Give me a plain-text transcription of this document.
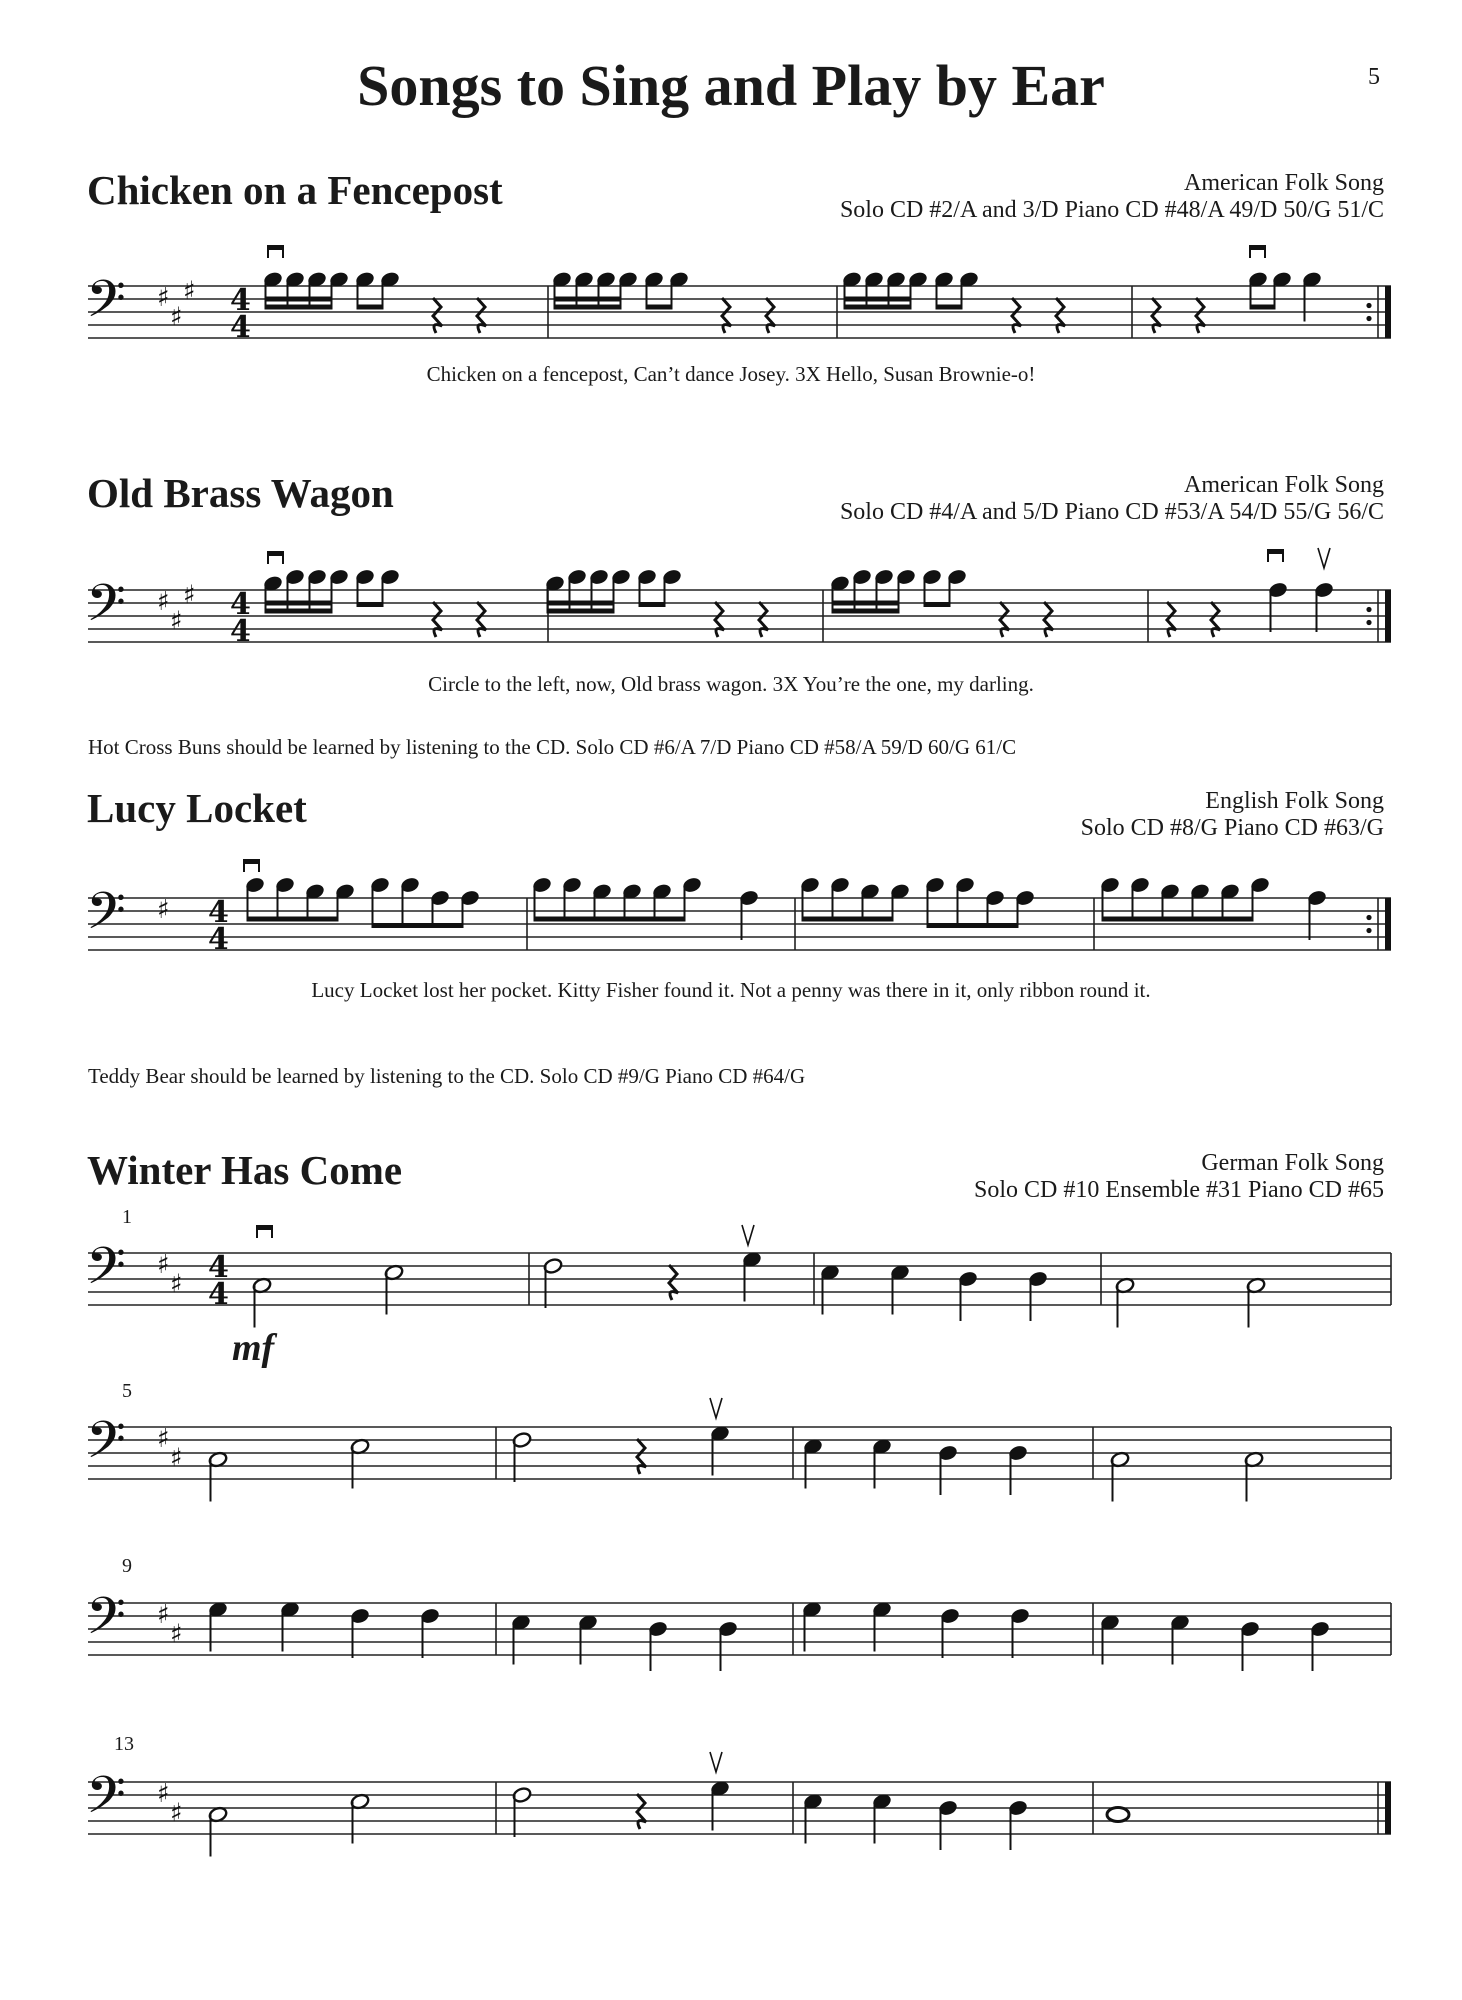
Songs to Sing and Play by Ear	5
Chicken on a Fencepost	American Folk Song
Solo CD #2/A and 3/D Piano CD #48/A 49/D 50/G 51/C
Chicken on a fencepost, Can’t dance Josey. 3X Hello, Susan Brownie-o!
Old Brass Wagon	American Folk Song
Solo CD #4/A and 5/D Piano CD #53/A 54/D 55/G 56/C
Circle to the left, now, Old brass wagon. 3X You’re the one, my darling.
Hot Cross Buns should be learned by listening to the CD. Solo CD #6/A 7/D Piano CD #58/A 59/D 60/G 61/C
Lucy Locket	English Folk Song
Solo CD #8/G Piano CD #63/G
Lucy Locket lost her pocket. Kitty Fisher found it. Not a penny was there in it, only ribbon round it.
Teddy Bear should be learned by listening to the CD. Solo CD #9/G Piano CD #64/G
Winter Has Come	German Folk Song
Solo CD #10 Ensemble #31 Piano CD #65
1
5
9
13
mf
𝄢 ♯
♯
♯ 4
4
𝄢 ♯
♯
♯ 4
4
𝄢 ♯ 4
4
𝄢 ♯
♯ 4
4
𝄢 ♯
♯
𝄢 ♯
♯
𝄢 ♯
♯
